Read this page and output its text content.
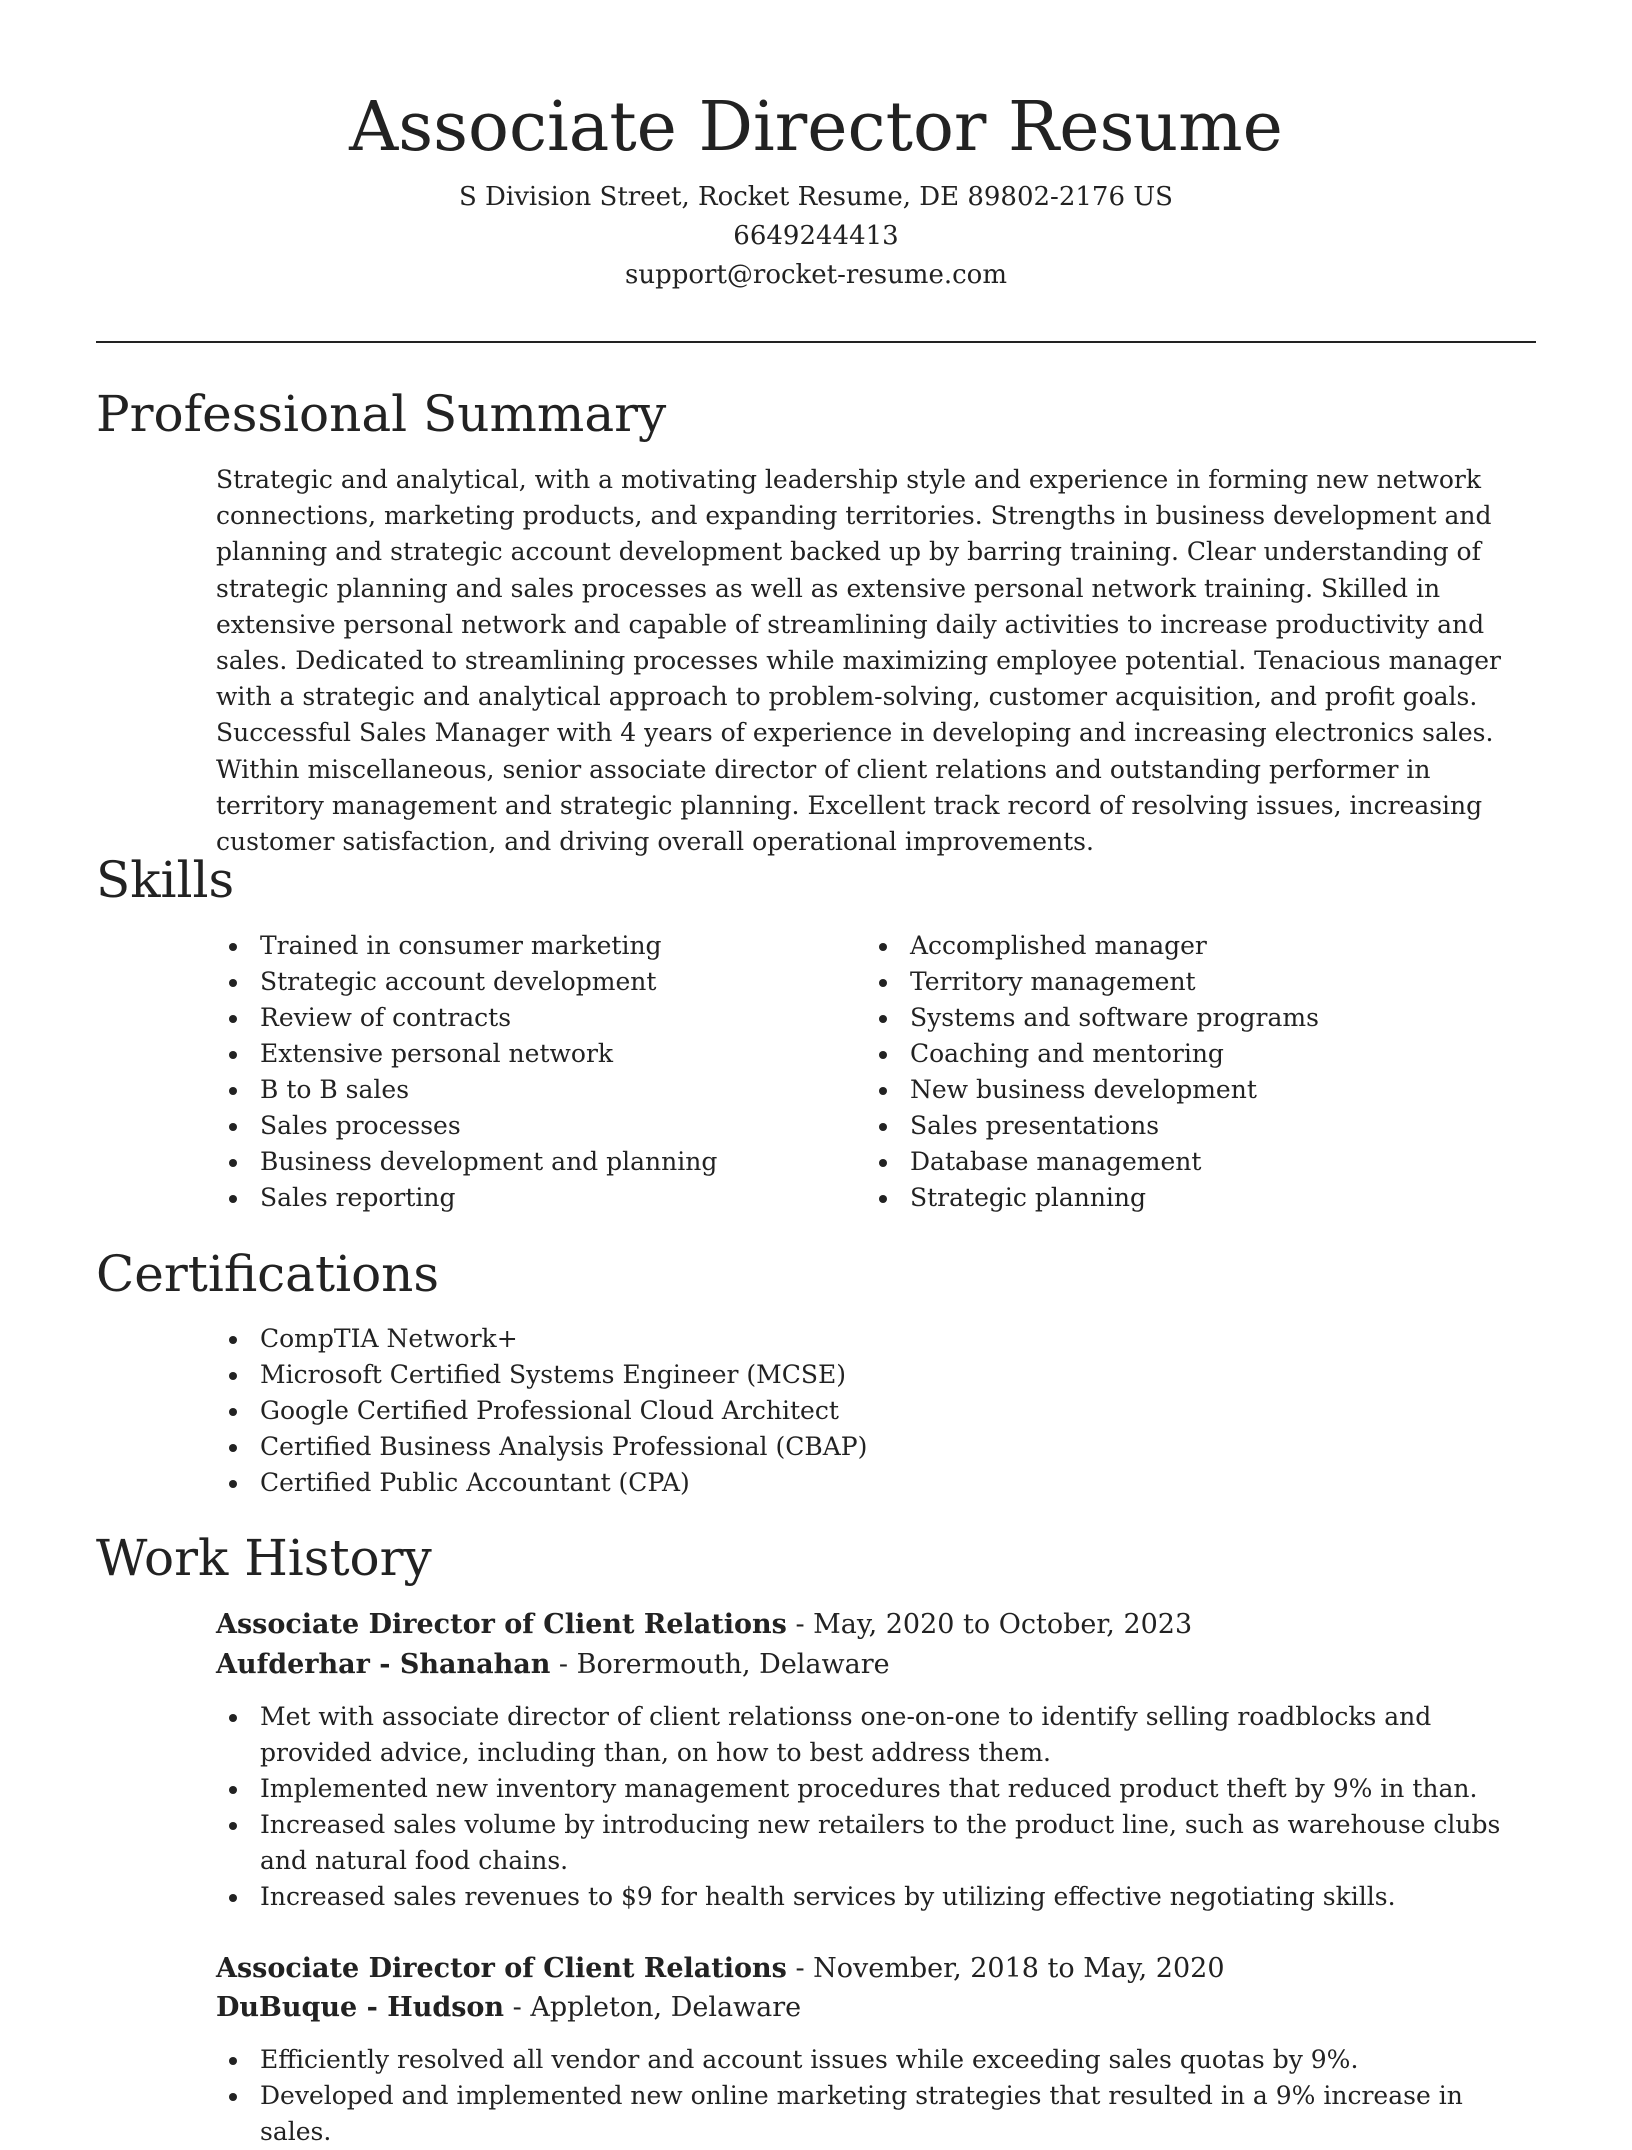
Associate Director Resume
S Division Street, Rocket Resume, DE 89802-2176 US
6649244413
support@rocket-resume.com
Professional Summary

Strategic and analytical, with a motivating leadership style and experience in forming new network connections, marketing products, and expanding territories. Strengths in business development and planning and strategic account development backed up by barring training. Clear understanding of strategic planning and sales processes as well as extensive personal network training. Skilled in extensive personal network and capable of streamlining daily activities to increase productivity and sales. Dedicated to streamlining processes while maximizing employee potential. Tenacious manager with a strategic and analytical approach to problem-solving, customer acquisition, and profit goals. Successful Sales Manager with 4 years of experience in developing and increasing electronics sales. Within miscellaneous, senior associate director of client relations and outstanding performer in territory management and strategic planning. Excellent track record of resolving issues, increasing customer satisfaction, and driving overall operational improvements.

Skills
Trained in consumer marketing
Strategic account development
Review of contracts
Extensive personal network
B to B sales
Sales processes
Business development and planning
Sales reporting
Accomplished manager
Territory management
Systems and software programs
Coaching and mentoring
New business development
Sales presentations
Database management
Strategic planning
Certifications
CompTIA Network+
Microsoft Certified Systems Engineer (MCSE)
Google Certified Professional Cloud Architect
Certified Business Analysis Professional (CBAP)
Certified Public Accountant (CPA)
Work History
Associate Director of Client Relations - May, 2020 to October, 2023
Aufderhar - Shanahan - Borermouth, Delaware
Met with associate director of client relationss one-on-one to identify selling roadblocks and provided advice, including than, on how to best address them.
Implemented new inventory management procedures that reduced product theft by 9% in than.
Increased sales volume by introducing new retailers to the product line, such as warehouse clubs and natural food chains.
Increased sales revenues to $9 for health services by utilizing effective negotiating skills.
Associate Director of Client Relations - November, 2018 to May, 2020
DuBuque - Hudson - Appleton, Delaware
Efficiently resolved all vendor and account issues while exceeding sales quotas by 9%.
Developed and implemented new online marketing strategies that resulted in a 9% increase in sales.
